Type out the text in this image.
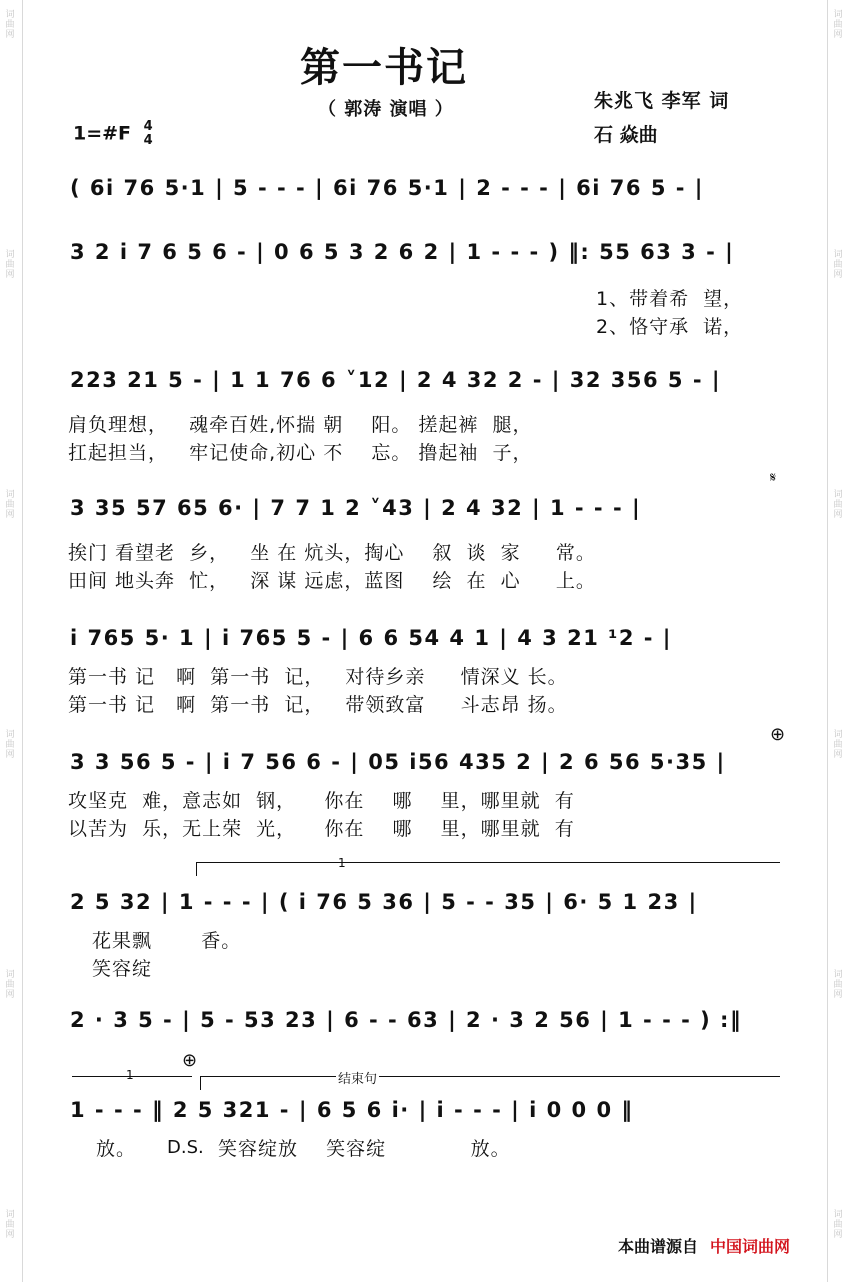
词曲网
词曲网
词曲网
词曲网
词曲网
词曲网
词曲网
词曲网
词曲网
词曲网
词曲网
词曲网
第一书记
（ 郭涛 演唱 ）	朱兆飞 李军 词
石 焱曲
1=#F 4
4
( 6i 76 5·1 | 5 - - - | 6i 76 5·1 | 2 - - - | 6i 76 5 - |
3 2 i 7 6 5 6 - | 0 6 5 3 2 6 2 | 1 - - - ) ‖: 55 63 3 - |
1、带着希  望，
2、恪守承  诺，
223 21 5 - | 1 1 76 6 ˅12 | 2 4 32 2 - | 32 356 5 - |
肩负理想，   魂牵百姓,怀揣 朝    阳。 搓起裤  腿，
扛起担当，   牢记使命,初心 不    忘。 撸起袖  子，
3 35 57 65 6· | 7 7 1 2 ˅43 | 2 4 32 | 1 - - - |
𝄋
挨门 看望老  乡，   坐 在 炕头，掏心    叙  谈  家     常。
田间 地头奔  忙，   深 谋 远虑，蓝图    绘  在  心     上。
i 765 5· 1 | i 765 5 - | 6 6 54 4 1 | 4 3 21 ¹2 - |
第一书 记   啊  第一书  记，   对待乡亲     情深义 长。
第一书 记   啊  第一书  记，   带领致富     斗志昂 扬。
⊕
3 3 56 5 - | i 7 56 6 - | 05 i56 435 2 | 2 6 56 5·35 |
攻坚克  难，意志如  钢，    你在    哪    里，哪里就  有
以苦为  乐，无上荣  光，    你在    哪    里，哪里就  有
1
2 5 32 | 1 - - - | ( i 76 5 36 | 5 - - 35 | 6· 5 1 23 |
花果飘       香。
笑容绽
2 · 3 5 - | 5 - 53 23 | 6 - - 63 | 2 · 3 2 56 | 1 - - - ) :‖
1
⊕
结束句
1 - - - ‖ 2 5 321 - | 6 5 6 i· | i - - - | i 0 0 0 ‖
放。	D.S. 笑容绽放    笑容绽            放。
本曲谱源自 中国词曲网
